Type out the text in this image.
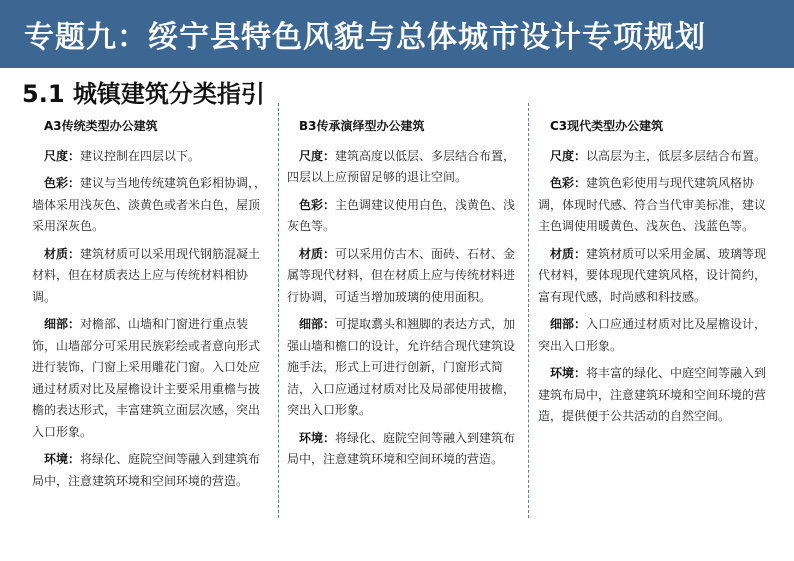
专题九：绥宁县特色风貌与总体城市设计专项规划
5.1 城镇建筑分类指引
A3传统类型办公建筑

尺度：建议控制在四层以下。

色彩：建议与当地传统建筑色彩相协调，，墙体采用浅灰色、淡黄色或者米白色，屋顶采用深灰色。

材质：建筑材质可以采用现代钢筋混凝土材料，但在材质表达上应与传统材料相协调。

细部：对檐部、山墙和门窗进行重点装饰，山墙部分可采用民族彩绘或者意向形式进行装饰，门窗上采用雕花门窗。入口处应通过材质对比及屋檐设计主要采用重檐与披檐的表达形式，丰富建筑立面层次感，突出入口形象。

环境：将绿化、庭院空间等融入到建筑布局中，注意建筑环境和空间环境的营造。

B3传承演绎型办公建筑

尺度：建筑高度以低层、多层结合布置，四层以上应预留足够的退让空间。

色彩：主色调建议使用白色，浅黄色、浅灰色等。

材质：可以采用仿古木、面砖、石材、金属等现代材料，但在材质上应与传统材料进行协调，可适当增加玻璃的使用面积。

细部：可提取翥头和翘脚的表达方式，加强山墙和檐口的设计，允许结合现代建筑设施手法，形式上可进行创新，门窗形式简洁，入口应通过材质对比及局部使用披檐，突出入口形象。

环境：将绿化、庭院空间等融入到建筑布局中，注意建筑环境和空间环境的营造。

C3现代类型办公建筑

尺度：以高层为主，低层多层结合布置。

色彩：建筑色彩使用与现代建筑风格协调，体现时代感、符合当代审美标准，建议主色调使用暖黄色、浅灰色、浅蓝色等。

材质：建筑材质可以采用金属、玻璃等现代材料，要体现现代建筑风格，设计简约，富有现代感，时尚感和科技感。

细部：入口应通过材质对比及屋檐设计，突出入口形象。

环境：将丰富的绿化、中庭空间等融入到建筑布局中，注意建筑环境和空间环境的营造，提供便于公共活动的自然空间。
